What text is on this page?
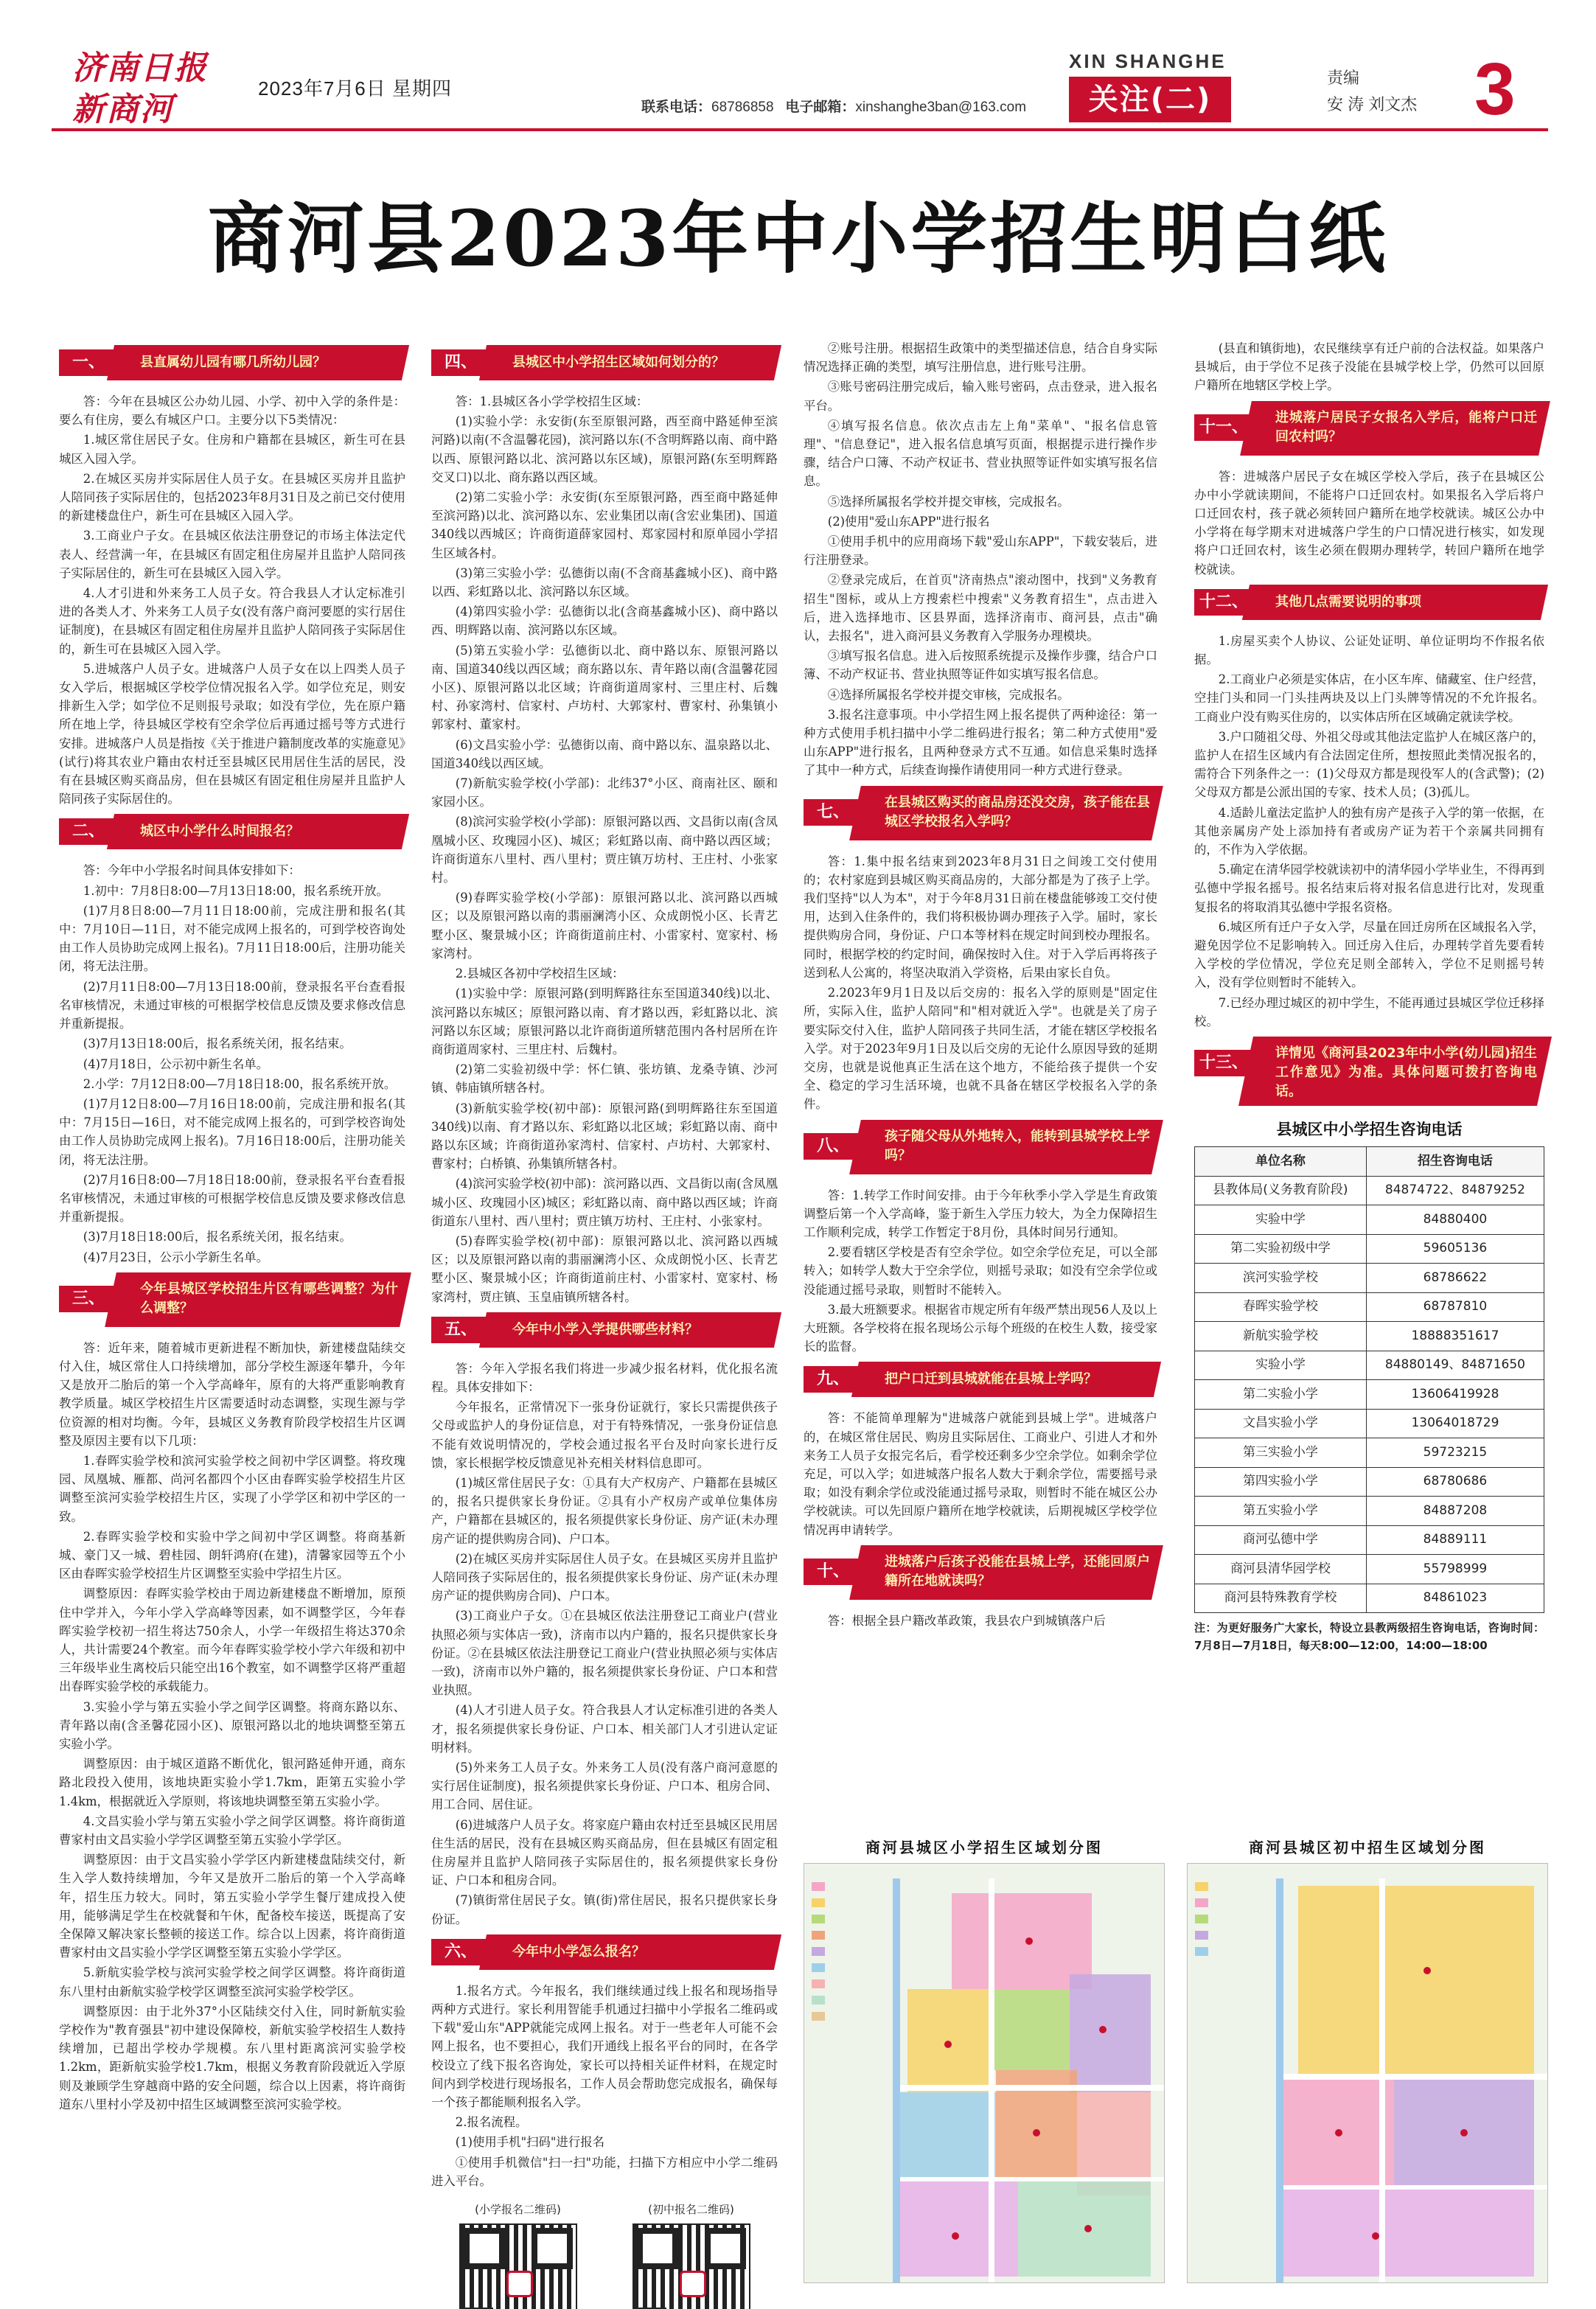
济南日报
新商河
2023年7月6日 星期四
联系电话：68786858 电子邮箱：xinshanghe3ban@163.com
XIN SHANGHE
关注(二)
责编
安 涛 刘文杰 3
商河县2023年中小学招生明白纸
一、	县直属幼儿园有哪几所幼儿园？

答：今年在县城区公办幼儿园、小学、初中入学的条件是：要么有住房，要么有城区户口。主要分以下5类情况：

1.城区常住居民子女。住房和户籍都在县城区，新生可在县城区入园入学。

2.在城区买房并实际居住人员子女。在县城区买房并且监护人陪同孩子实际居住的，包括2023年8月31日及之前已交付使用的新建楼盘住户，新生可在县城区入园入学。

3.工商业户子女。在县城区依法注册登记的市场主体法定代表人、经营满一年，在县城区有固定租住房屋并且监护人陪同孩子实际居住的，新生可在县城区入园入学。

4.人才引进和外来务工人员子女。符合我县人才认定标准引进的各类人才、外来务工人员子女(没有落户商河要愿的实行居住证制度)，在县城区有固定租住房屋并且监护人陪同孩子实际居住的，新生可在县城区入园入学。

5.进城落户人员子女。进城落户人员子女在以上四类人员子女入学后，根据城区学校学位情况报名入学。如学位充足，则安排新生入学；如学位不足则报号录取；如没有学位，先在原户籍所在地上学，待县城区学校有空余学位后再通过摇号等方式进行安排。进城落户人员是指按《关于推进户籍制度改革的实施意见》(试行)将其农业户籍由农村迁至县城区民用居住生活的居民，没有在县城区购买商品房，但在县城区有固定租住房屋并且监护人陪同孩子实际居住的。

二、	城区中小学什么时间报名？

答：今年中小学报名时间具体安排如下：

1.初中：7月8日8:00—7月13日18:00，报名系统开放。

(1)7月8日8:00—7月11日18:00前，完成注册和报名(其中：7月10日—11日，对不能完成网上报名的，可到学校咨询处由工作人员协助完成网上报名)。7月11日18:00后，注册功能关闭，将无法注册。

(2)7月11日8:00—7月13日18:00前，登录报名平台查看报名审核情况，未通过审核的可根据学校信息反馈及要求修改信息并重新提报。

(3)7月13日18:00后，报名系统关闭，报名结束。

(4)7月18日，公示初中新生名单。

2.小学：7月12日8:00—7月18日18:00，报名系统开放。

(1)7月12日8:00—7月16日18:00前，完成注册和报名(其中：7月15日—16日，对不能完成网上报名的，可到学校咨询处由工作人员协助完成网上报名)。7月16日18:00后，注册功能关闭，将无法注册。

(2)7月16日8:00—7月18日18:00前，登录报名平台查看报名审核情况，未通过审核的可根据学校信息反馈及要求修改信息并重新提报。

(3)7月18日18:00后，报名系统关闭，报名结束。

(4)7月23日，公示小学新生名单。

三、
今年县城区学校招生片区有哪些调整？为什么调整？

答：近年来，随着城市更新进程不断加快，新建楼盘陆续交付入住，城区常住人口持续增加，部分学校生源逐年攀升，今年又是放开二胎后的第一个入学高峰年，原有的大将严重影响教育教学质量。城区学校招生片区需要适时动态调整，实现生源与学位资源的相对均衡。今年，县城区义务教育阶段学校招生片区调整及原因主要有以下几项：

1.春晖实验学校和滨河实验学校之间初中学区调整。将玫瑰园、凤凰城、雁都、尚河名都四个小区由春晖实验学校招生片区调整至滨河实验学校招生片区，实现了小学学区和初中学区的一致。

2.春晖实验学校和实验中学之间初中学区调整。将商基新城、豪门又一城、碧桂园、朗轩鸿府(在建)，清馨家园等五个小区由春晖实验学校招生片区调整至实验中学招生片区。

调整原因：春晖实验学校由于周边新建楼盘不断增加，原预住中学并入，今年小学入学高峰等因素，如不调整学区，今年春晖实验学校初一招生将达750余人，小学一年级招生将达370余人，共计需要24个教室。而今年春晖实验学校小学六年级和初中三年级毕业生离校后只能空出16个教室，如不调整学区将严重超出春晖实验学校的承载能力。

3.实验小学与第五实验小学之间学区调整。将商东路以东、青年路以南(含圣馨花园小区)、原银河路以北的地块调整至第五实验小学。

调整原因：由于城区道路不断优化，银河路延伸开通，商东路北段投入使用，该地块距实验小学1.7km，距第五实验小学1.4km，根据就近入学原则，将该地块调整至第五实验小学。

4.文昌实验小学与第五实验小学之间学区调整。将许商街道曹家村由文昌实验小学学区调整至第五实验小学学区。

调整原因：由于文昌实验小学学区内新建楼盘陆续交付，新生入学人数持续增加，今年又是放开二胎后的第一个入学高峰年，招生压力较大。同时，第五实验小学学生餐厅建成投入使用，能够满足学生在校就餐和午休，配备校车接送，既提高了安全保障又解决家长整顿的接送工作。综合以上因素，将许商街道曹家村由文昌实验小学学区调整至第五实验小学学区。

5.新航实验学校与滨河实验学校之间学区调整。将许商街道东八里村由新航实验学校学区调整至滨河实验学校学区。

调整原因：由于北外37°小区陆续交付入住，同时新航实验学校作为"教育强县"初中建设保障校，新航实验学校招生人数持续增加，已超出学校办学规模。东八里村距离滨河实验学校1.2km，距新航实验学校1.7km，根据义务教育阶段就近入学原则及兼顾学生穿越商中路的安全问题，综合以上因素，将许商街道东八里村小学及初中招生区域调整至滨河实验学校。

四、	县城区中小学招生区域如何划分的？

答：1.县城区各小学学校招生区域：

(1)实验小学：永安街(东至原银河路，西至商中路延伸至滨河路)以南(不含温馨花园)，滨河路以东(不含明辉路以南、商中路以西、原银河路以北、滨河路以东区域)，原银河路(东至明辉路交叉口)以北、商东路以西区域。

(2)第二实验小学：永安街(东至原银河路，西至商中路延伸至滨河路)以北、滨河路以东、宏业集团以南(含宏业集团)、国道340线以西城区；许商街道薛家园村、郑家园村和原单园小学招生区域各村。

(3)第三实验小学：弘德街以南(不含商基鑫城小区)、商中路以西、彩虹路以北、滨河路以东区域。

(4)第四实验小学：弘德街以北(含商基鑫城小区)、商中路以西、明辉路以南、滨河路以东区域。

(5)第五实验小学：弘德街以北、商中路以东、原银河路以南、国道340线以西区域；商东路以东、青年路以南(含温馨花园小区)、原银河路以北区域；许商街道周家村、三里庄村、后魏村、孙家湾村、信家村、卢坊村、大郭家村、曹家村、孙集镇小郭家村、董家村。

(6)文昌实验小学：弘德街以南、商中路以东、温泉路以北、国道340线以西区域。

(7)新航实验学校(小学部)：北纬37°小区、商南社区、颐和家园小区。

(8)滨河实验学校(小学部)：原银河路以西、文昌街以南(含凤凰城小区、玫瑰园小区)、城区；彩虹路以南、商中路以西区域；许商街道东八里村、西八里村；贾庄镇万坊村、王庄村、小张家村。

(9)春晖实验学校(小学部)：原银河路以北、滨河路以西城区；以及原银河路以南的翡丽澜湾小区、众成朗悦小区、长青艺墅小区、聚景城小区；许商街道前庄村、小雷家村、宽家村、杨家湾村。

2.县城区各初中学校招生区域：

(1)实验中学：原银河路(到明辉路往东至国道340线)以北、滨河路以东城区；原银河路以南、育才路以西，彩虹路以北、滨河路以东区域；原银河路以北许商街道所辖范围内各村居所在许商街道周家村、三里庄村、后魏村。

(2)第二实验初级中学：怀仁镇、张坊镇、龙桑寺镇、沙河镇、韩庙镇所辖各村。

(3)新航实验学校(初中部)：原银河路(到明辉路往东至国道340线)以南、育才路以东、彩虹路以北区域；彩虹路以南、商中路以东区域；许商街道孙家湾村、信家村、卢坊村、大郭家村、曹家村；白桥镇、孙集镇所辖各村。

(4)滨河实验学校(初中部)：滨河路以西、文昌街以南(含凤凰城小区、玫瑰园小区)城区；彩虹路以南、商中路以西区域；许商街道东八里村、西八里村；贾庄镇万坊村、王庄村、小张家村。

(5)春晖实验学校(初中部)：原银河路以北、滨河路以西城区；以及原银河路以南的翡丽澜湾小区、众成朗悦小区、长青艺墅小区、聚景城小区；许商街道前庄村、小雷家村、宽家村、杨家湾村，贾庄镇、玉皇庙镇所辖各村。

五、	今年中小学入学提供哪些材料？

答：今年入学报名我们将进一步减少报名材料，优化报名流程。具体安排如下：

今年报名，正常情况下一张身份证就行，家长只需提供孩子父母或监护人的身份证信息，对于有特殊情况，一张身份证信息不能有效说明情况的，学校会通过报名平台及时向家长进行反馈，家长根据学校反馈意见补充相关材料信息即可。

(1)城区常住居民子女：①具有大产权房产、户籍都在县城区的，报名只提供家长身份证。②具有小产权房产或单位集体房产，户籍都在县城区的，报名须提供家长身份证、房产证(未办理房产证的提供购房合同)、户口本。

(2)在城区买房并实际居住人员子女。在县城区买房并且监护人陪同孩子实际居住的，报名须提供家长身份证、房产证(未办理房产证的提供购房合同)、户口本。

(3)工商业户子女。①在县城区依法注册登记工商业户(营业执照必须与实体店一致)，济南市以内户籍的，报名只提供家长身份证。②在县城区依法注册登记工商业户(营业执照必须与实体店一致)，济南市以外户籍的，报名须提供家长身份证、户口本和营业执照。

(4)人才引进人员子女。符合我县人才认定标准引进的各类人才，报名须提供家长身份证、户口本、相关部门人才引进认定证明材料。

(5)外来务工人员子女。外来务工人员(没有落户商河意愿的实行居住证制度)，报名须提供家长身份证、户口本、租房合同、用工合同、居住证。

(6)进城落户人员子女。将家庭户籍由农村迁至县城区民用居住生活的居民，没有在县城区购买商品房，但在县城区有固定租住房屋并且监护人陪同孩子实际居住的，报名须提供家长身份证、户口本和租房合同。

(7)镇街常住居民子女。镇(街)常住居民，报名只提供家长身份证。

六、	今年中小学怎么报名？

1.报名方式。今年报名，我们继续通过线上报名和现场指导两种方式进行。家长利用智能手机通过扫描中小学报名二维码或下载"爱山东"APP就能完成网上报名。对于一些老年人可能不会网上报名，也不要担心，我们开通线上报名平台的同时，在各学校设立了线下报名咨询处，家长可以持相关证件材料，在规定时间内到学校进行现场报名，工作人员会帮助您完成报名，确保每一个孩子都能顺利报名入学。

2.报名流程。

(1)使用手机"扫码"进行报名

①使用手机微信"扫一扫"功能，扫描下方相应中小学二维码进入平台。

(小学报名二维码)	(初中报名二维码)

②账号注册。根据招生政策中的类型描述信息，结合自身实际情况选择正确的类型，填写注册信息，进行账号注册。

③账号密码注册完成后，输入账号密码，点击登录，进入报名平台。

④填写报名信息。依次点击左上角"菜单"、"报名信息管理"、"信息登记"，进入报名信息填写页面，根据提示进行操作步骤，结合户口簿、不动产权证书、营业执照等证件如实填写报名信息。

⑤选择所属报名学校并提交审核，完成报名。

(2)使用"爱山东APP"进行报名

①使用手机中的应用商场下载"爱山东APP"，下载安装后，进行注册登录。

②登录完成后，在首页"济南热点"滚动图中，找到"义务教育招生"图标，或从上方搜索栏中搜索"义务教育招生"，点击进入后，进入选择地市、区县界面，选择济南市、商河县，点击"确认，去报名"，进入商河县义务教育入学服务办理模块。

③填写报名信息。进入后按照系统提示及操作步骤，结合户口簿、不动产权证书、营业执照等证件如实填写报名信息。

④选择所属报名学校并提交审核，完成报名。

3.报名注意事项。中小学招生网上报名提供了两种途径：第一种方式使用手机扫描中小学二维码进行报名；第二种方式使用"爱山东APP"进行报名，且两种登录方式不互通。如信息采集时选择了其中一种方式，后续查询操作请使用同一种方式进行登录。

七、
在县城区购买的商品房还没交房，孩子能在县城区学校报名入学吗？

答：1.集中报名结束到2023年8月31日之间竣工交付使用的；农村家庭到县城区购买商品房的，大部分都是为了孩子上学。我们坚持"以人为本"，对于今年8月31日前在楼盘能够竣工交付使用，达到入住条件的，我们将积极协调办理孩子入学。届时，家长提供购房合同，身份证、户口本等材料在规定时间到校办理报名。同时，根据学校的约定时间，确保按时入住。对于入学后再将孩子送到私人公寓的，将坚决取消入学资格，后果由家长自负。

2.2023年9月1日及以后交房的：报名入学的原则是"固定住所，实际入住，监护人陪同"和"相对就近入学"。也就是关了房子要实际交付入住，监护人陪同孩子共同生活，才能在辖区学校报名入学。对于2023年9月1日及以后交房的无论什么原因导致的延期交房，也就是说他真正生活在这个地方，不能给孩子提供一个安全、稳定的学习生活环境，也就不具备在辖区学校报名入学的条件。

八、
孩子随父母从外地转入，能转到县城学校上学吗？

答：1.转学工作时间安排。由于今年秋季小学入学是生育政策调整后第一个入学高峰，鉴于新生入学压力较大，为全力保障招生工作顺利完成，转学工作暂定于8月份，具体时间另行通知。

2.要看辖区学校是否有空余学位。如空余学位充足，可以全部转入；如转学人数大于空余学位，则摇号录取；如没有空余学位或没能通过摇号录取，则暂时不能转入。

3.最大班额要求。根据省市规定所有年级严禁出现56人及以上大班额。各学校将在报名现场公示每个班级的在校生人数，接受家长的监督。

九、	把户口迁到县城就能在县城上学吗？

答：不能简单理解为"进城落户就能到县城上学"。进城落户的，在城区常住居民、购房且实际居住、工商业户、引进人才和外来务工人员子女报完名后，看学校还剩多少空余学位。如剩余学位充足，可以入学；如进城落户报名人数大于剩余学位，需要摇号录取；如没有剩余学位或没能通过摇号录取，则暂时不能在城区公办学校就读。可以先回原户籍所在地学校就读，后期视城区学校学位情况再申请转学。

十、
进城落户后孩子没能在县城上学，还能回原户籍所在地就读吗？

答：根据全县户籍改革政策，我县农户到城镇落户后

(县直和镇街地)，农民继续享有迁户前的合法权益。如果落户县城后，由于学位不足孩子没能在县城学校上学，仍然可以回原户籍所在地辖区学校上学。

十一、
进城落户居民子女报名入学后，能将户口迁回农村吗？

答：进城落户居民子女在城区学校入学后，孩子在县城区公办中小学就读期间，不能将户口迁回农村。如果报名入学后将户口迁回农村，孩子就必须转回户籍所在地学校就读。城区公办中小学将在每学期末对进城落户学生的户口情况进行核实，如发现将户口迁回农村，该生必须在假期办理转学，转回户籍所在地学校就读。

十二、	其他几点需要说明的事项

1.房屋买卖个人协议、公证处证明、单位证明均不作报名依据。

2.工商业户必须是实体店，在小区车库、储藏室、住户经营，空挂门头和同一门头挂两块及以上门头牌等情况的不允许报名。工商业户没有购买住房的，以实体店所在区域确定就读学校。

3.户口随祖父母、外祖父母或其他法定监护人在城区落户的，监护人在招生区域内有合法固定住所，想按照此类情况报名的，需符合下列条件之一：(1)父母双方都是现役军人的(含武警)；(2)父母双方都是公派出国的专家、技术人员；(3)孤儿。

4.适龄儿童法定监护人的独有房产是孩子入学的第一依据，在其他亲属房产处上添加持有者或房产证为若干个亲属共同拥有的，不作为入学依据。

5.确定在清华园学校就读初中的清华园小学毕业生，不得再到弘德中学报名摇号。报名结束后将对报名信息进行比对，发现重复报名的将取消其弘德中学报名资格。

6.城区所有迁户子女入学，尽量在回迁房所在区域报名入学，避免因学位不足影响转入。回迁房入住后，办理转学首先要看转入学校的学位情况，学位充足则全部转入，学位不足则摇号转入，没有学位则暂时不能转入。

7.已经办理过城区的初中学生，不能再通过县城区学位迁移择校。

十三、
详情见《商河县2023年中小学(幼儿园)招生工作意见》为准。具体问题可拨打咨询电话。
县城区中小学招生咨询电话
单位名称	招生咨询电话
县教体局(义务教育阶段)	84874722、84879252
实验中学	84880400
第二实验初级中学	59605136
滨河实验学校	68786622
春晖实验学校	68787810
新航实验学校	18888351617
实验小学	84880149、84871650
第二实验小学	13606419928
文昌实验小学	13064018729
第三实验小学	59723215
第四实验小学	68780686
第五实验小学	84887208
商河弘德中学	84889111
商河县清华园学校	55798999
商河县特殊教育学校	84861023
注：为更好服务广大家长，特设立县教两级招生咨询电话，咨询时间：7月8日—7月18日，每天8:00—12:00，14:00—18:00
商河县城区小学招生区域划分图	商河县城区初中招生区域划分图
